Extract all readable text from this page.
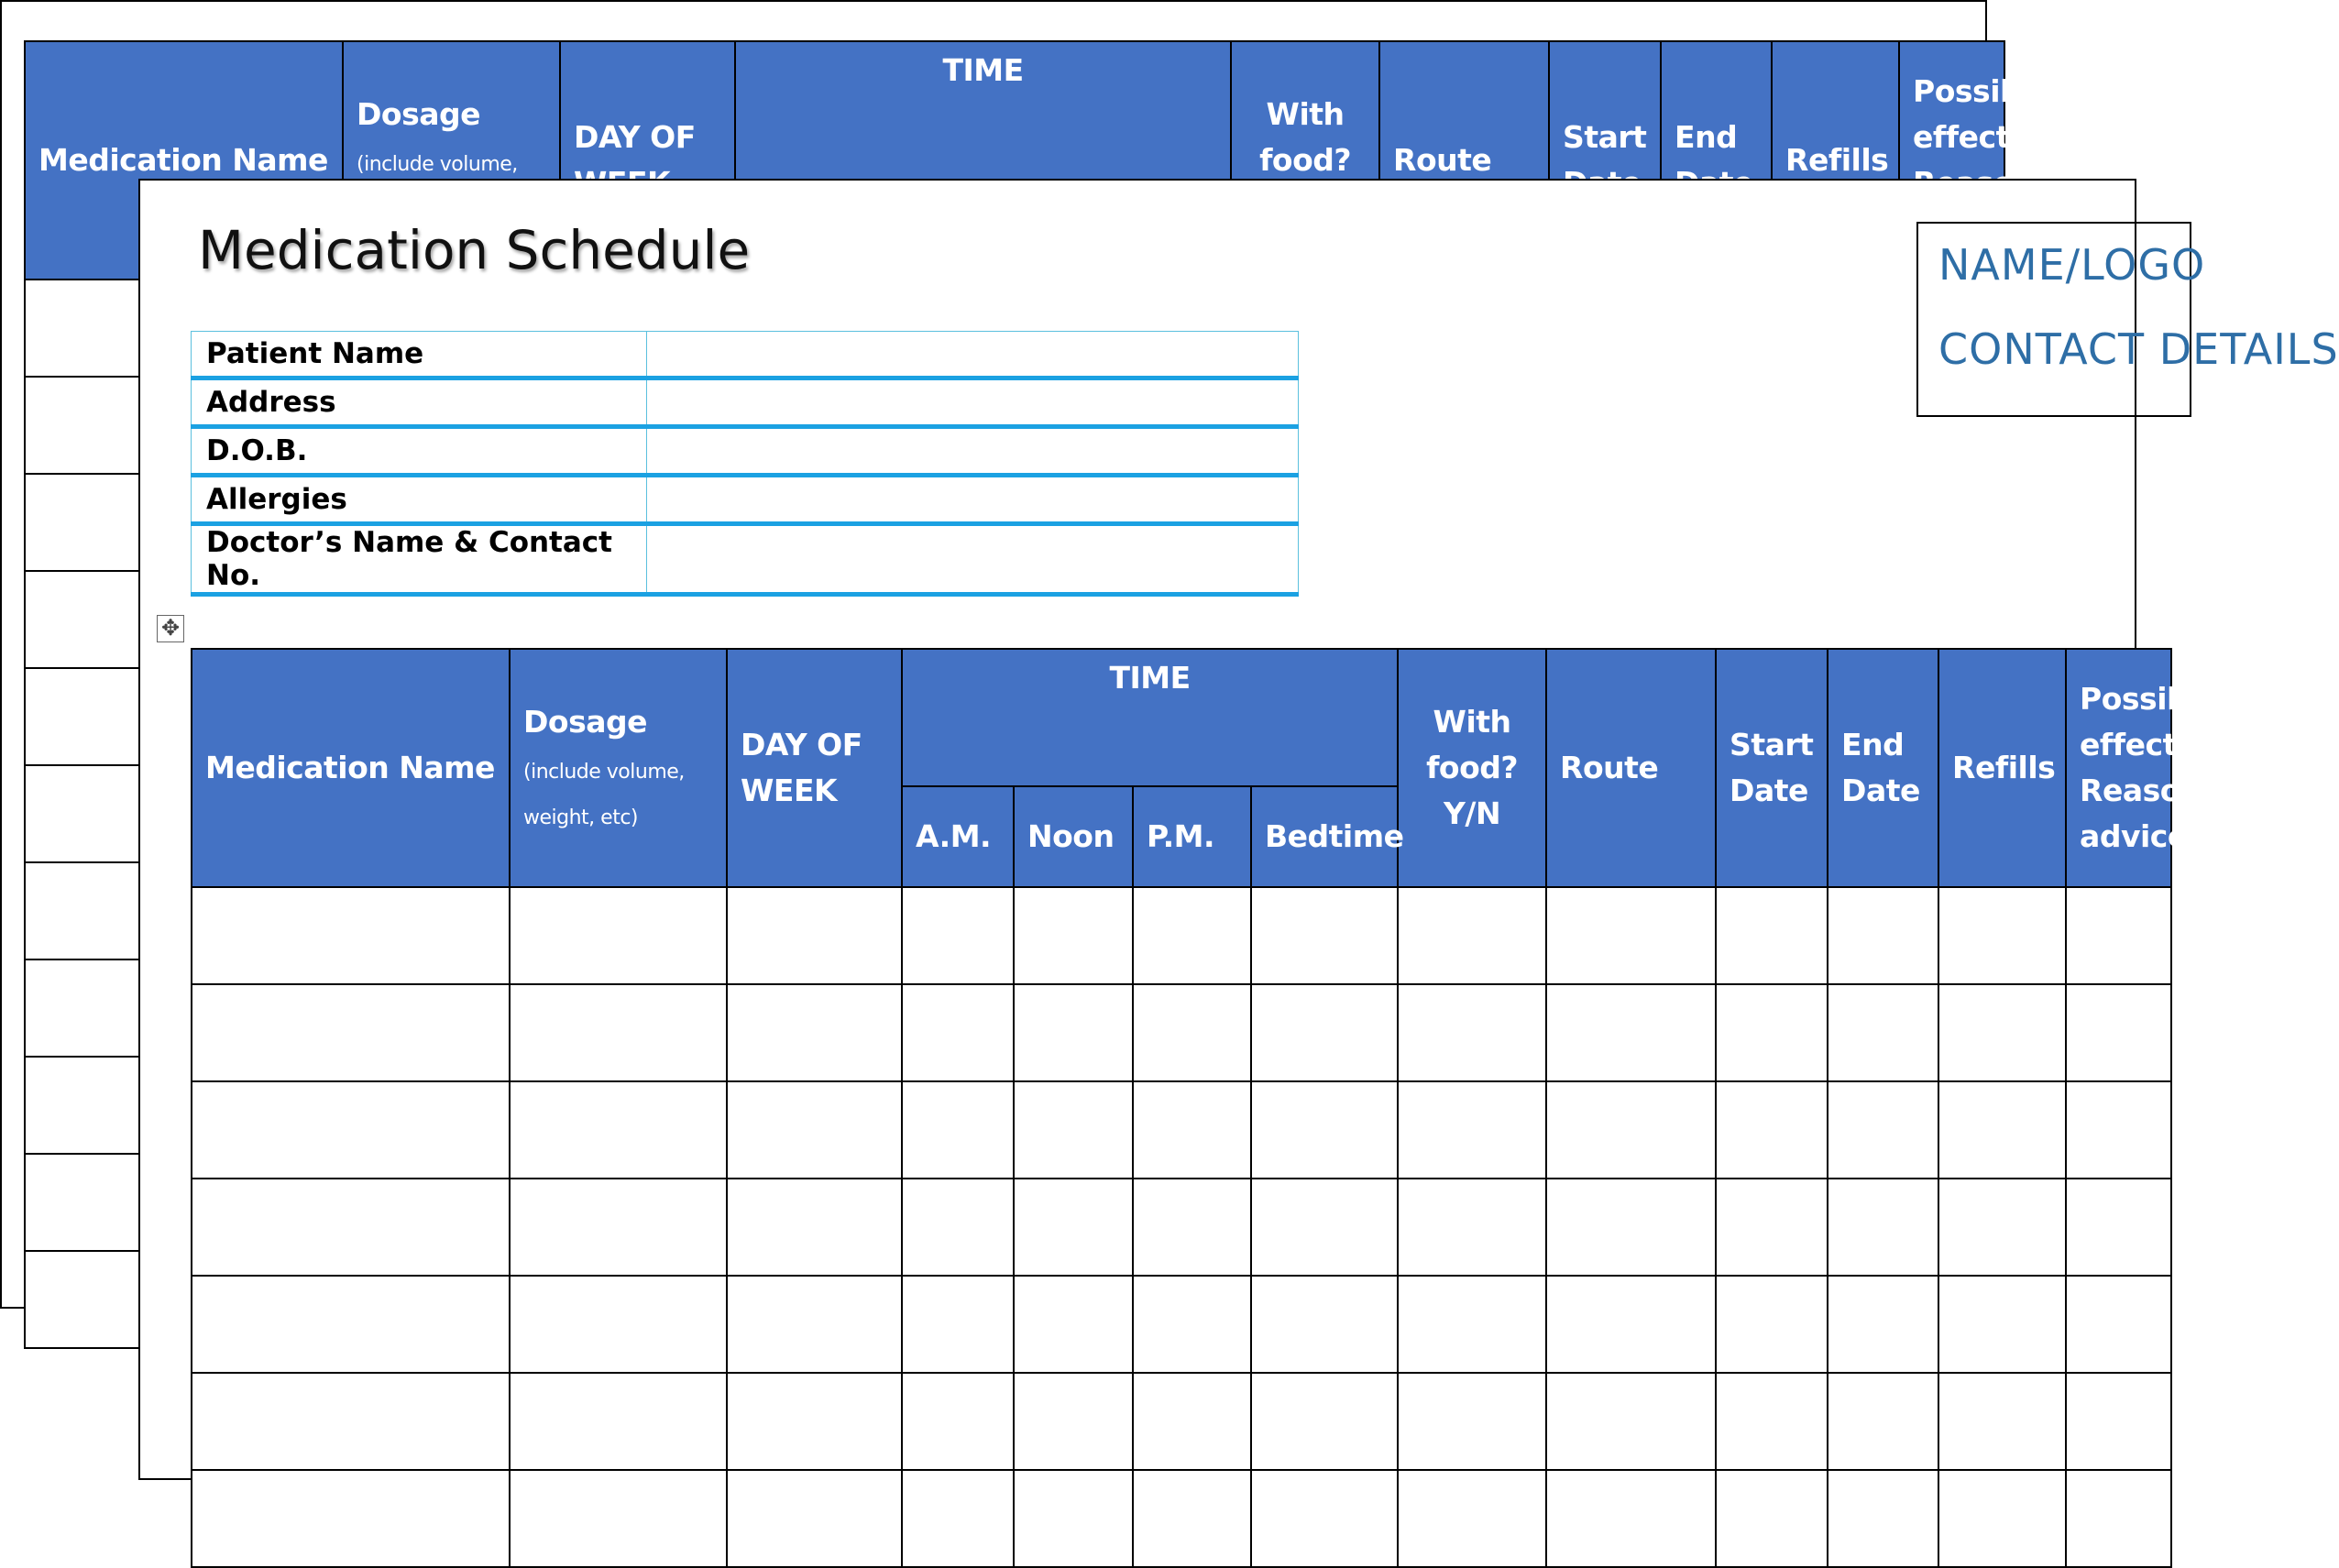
Medication Name	Dosage (include volume,	DAY OF	TIME				With food?	Route	Start	End	Refills	Possible effects

Medication Schedule
Patient Name	
Address	
D.O.B.	
Allergies	
Doctor’s Name & Contact No.	
NAME/LOGO
CONTACT DETAILS
✥
Medication Name	Dosage (include volume, weight, etc)	DAY OF WEEK	TIME				With food? Y/N	Route	Start Date	End Date	Refills	Possible effects Reason/ advice
			A.M.	Noon	P.M.	Bedtime						
